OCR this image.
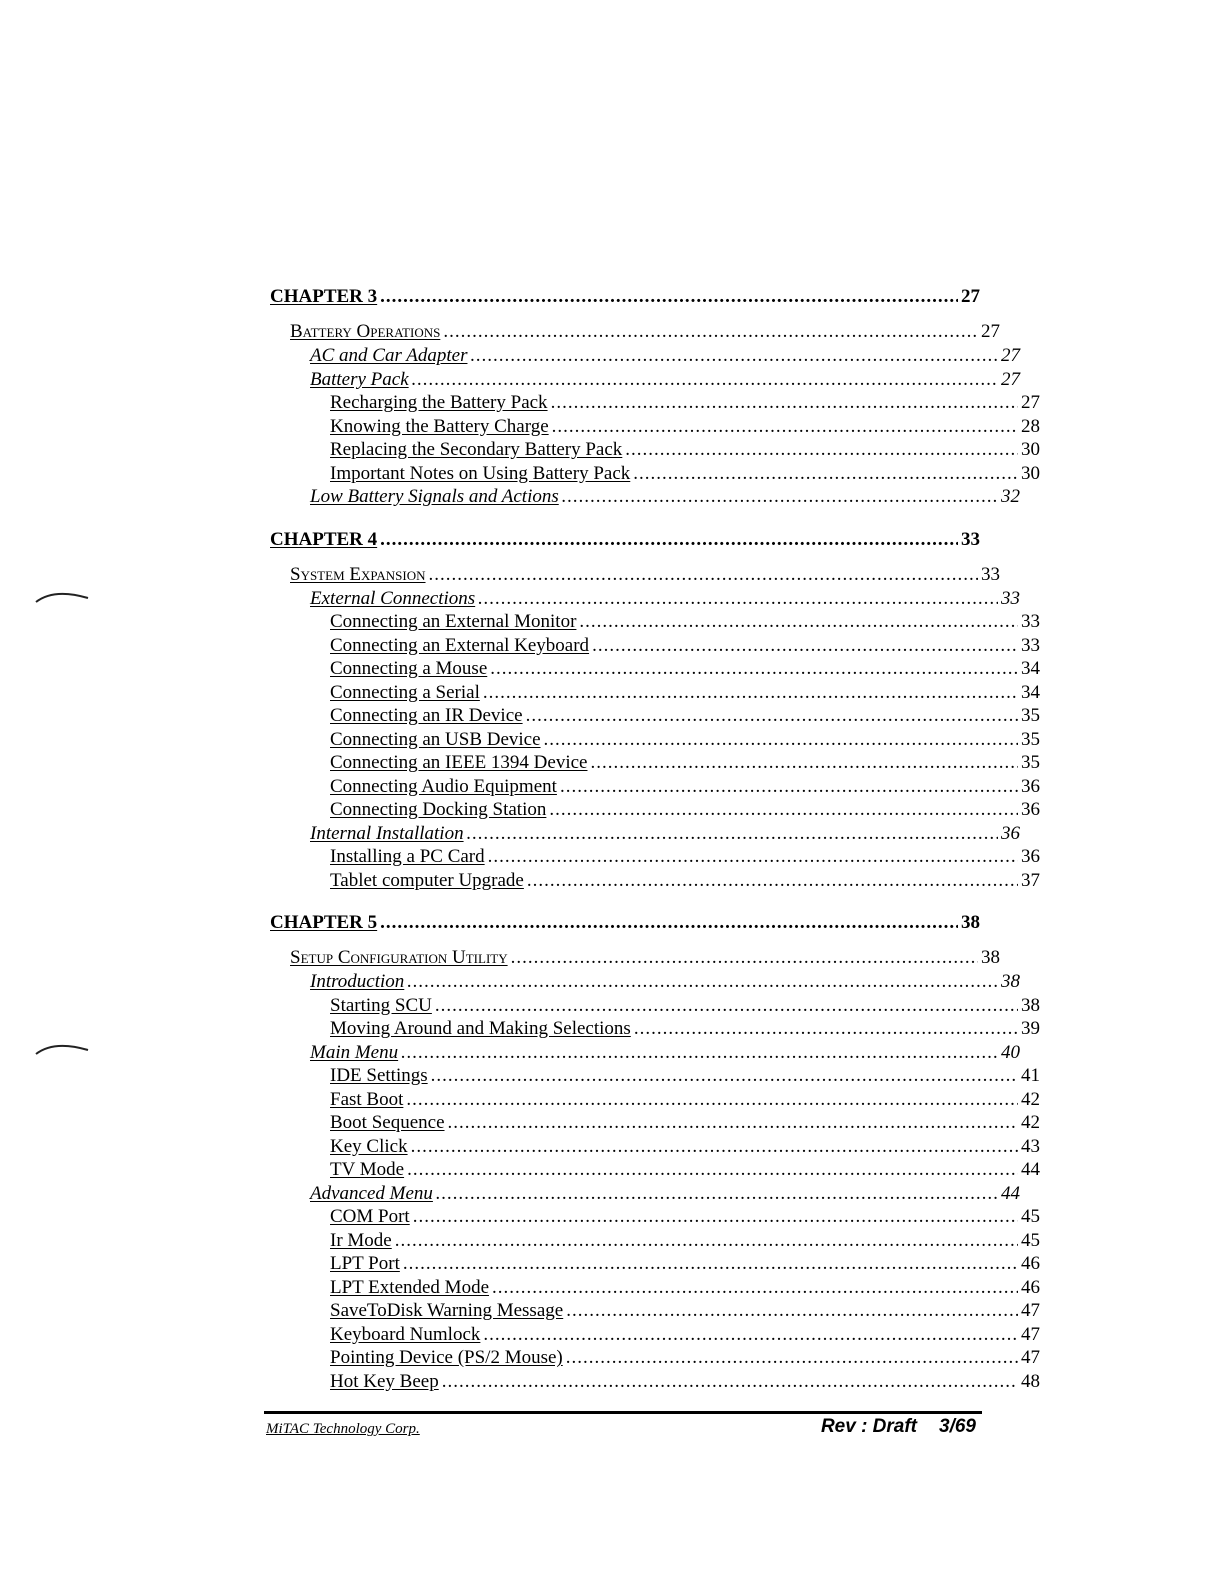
CHAPTER 3 .....	27
Battery Operations .....	27
AC and Car Adapter .....	27
Battery Pack .....	27
Recharging the Battery Pack .....	27
Knowing the Battery Charge .....	28
Replacing the Secondary Battery Pack .....	30
Important Notes on Using Battery Pack .....	30
Low Battery Signals and Actions .....	32
CHAPTER 4 .....	33
System Expansion .....	33
External Connections .....	33
Connecting an External Monitor .....	33
Connecting an External Keyboard .....	33
Connecting a Mouse .....	34
Connecting a Serial .....	34
Connecting an IR Device .....	35
Connecting an USB Device .....	35
Connecting an IEEE 1394 Device .....	35
Connecting Audio Equipment .....	36
Connecting Docking Station .....	36
Internal Installation .....	36
Installing a PC Card .....	36
Tablet computer Upgrade .....	37
CHAPTER 5 .....	38
Setup Configuration Utility .....	38
Introduction .....	38
Starting SCU .....	38
Moving Around and Making Selections .....	39
Main Menu .....	40
IDE Settings .....	41
Fast Boot .....	42
Boot Sequence .....	42
Key Click .....	43
TV Mode .....	44
Advanced Menu .....	44
COM Port .....	45
Ir Mode .....	45
LPT Port .....	46
LPT Extended Mode .....	46
SaveToDisk Warning Message .....	47
Keyboard Numlock .....	47
Pointing Device (PS/2 Mouse) .....	47
Hot Key Beep .....	48
MiTAC Technology Corp.	Rev : Draft 3/69
